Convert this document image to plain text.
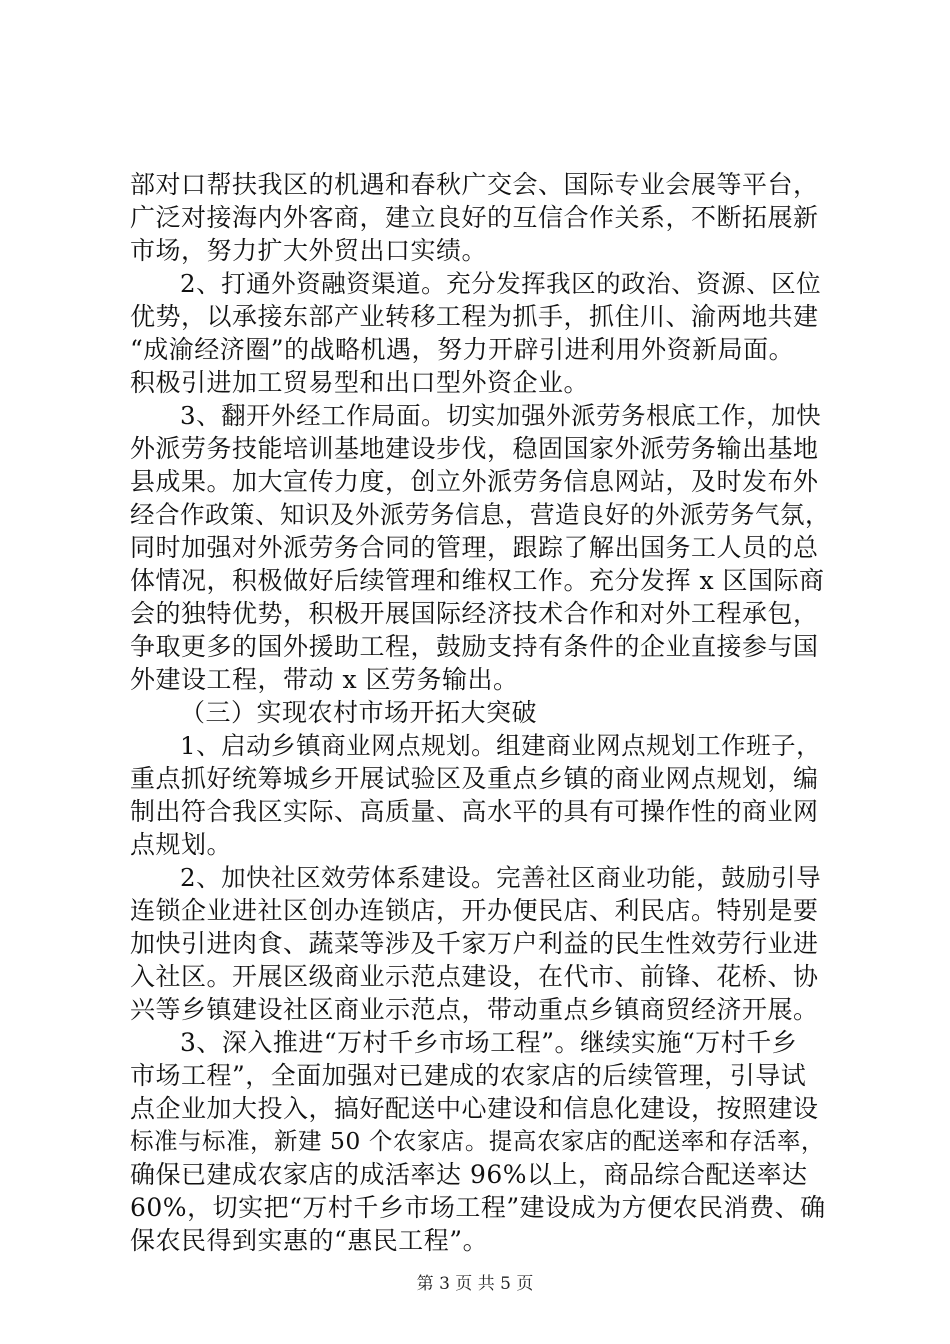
部对口帮扶我区的机遇和春秋广交会、国际专业会展等平台，
广泛对接海内外客商，建立良好的互信合作关系，不断拓展新
市场，努力扩大外贸出口实绩。
2、打通外资融资渠道。充分发挥我区的政治、资源、区位
优势，以承接东部产业转移工程为抓手，抓住川、渝两地共建
“成渝经济圈”的战略机遇，努力开辟引进利用外资新局面。
积极引进加工贸易型和出口型外资企业。
3、翻开外经工作局面。切实加强外派劳务根底工作，加快
外派劳务技能培训基地建设步伐，稳固国家外派劳务输出基地
县成果。加大宣传力度，创立外派劳务信息网站，及时发布外
经合作政策、知识及外派劳务信息，营造良好的外派劳务气氛，
同时加强对外派劳务合同的管理，跟踪了解出国务工人员的总
体情况，积极做好后续管理和维权工作。充分发挥 x 区国际商
会的独特优势，积极开展国际经济技术合作和对外工程承包，
争取更多的国外援助工程，鼓励支持有条件的企业直接参与国
外建设工程，带动 x 区劳务输出。
（三）实现农村市场开拓大突破
1、启动乡镇商业网点规划。组建商业网点规划工作班子，
重点抓好统筹城乡开展试验区及重点乡镇的商业网点规划，编
制出符合我区实际、高质量、高水平的具有可操作性的商业网
点规划。
2、加快社区效劳体系建设。完善社区商业功能，鼓励引导
连锁企业进社区创办连锁店，开办便民店、利民店。特别是要
加快引进肉食、蔬菜等涉及千家万户利益的民生性效劳行业进
入社区。开展区级商业示范点建设，在代市、前锋、花桥、协
兴等乡镇建设社区商业示范点，带动重点乡镇商贸经济开展。
3、深入推进“万村千乡市场工程”。继续实施“万村千乡
市场工程”，全面加强对已建成的农家店的后续管理，引导试
点企业加大投入，搞好配送中心建设和信息化建设，按照建设
标准与标准，新建 50 个农家店。提高农家店的配送率和存活率，
确保已建成农家店的成活率达 96%以上，商品综合配送率达
60%，切实把“万村千乡市场工程”建设成为方便农民消费、确
保农民得到实惠的“惠民工程”。
第 3 页 共 5 页
